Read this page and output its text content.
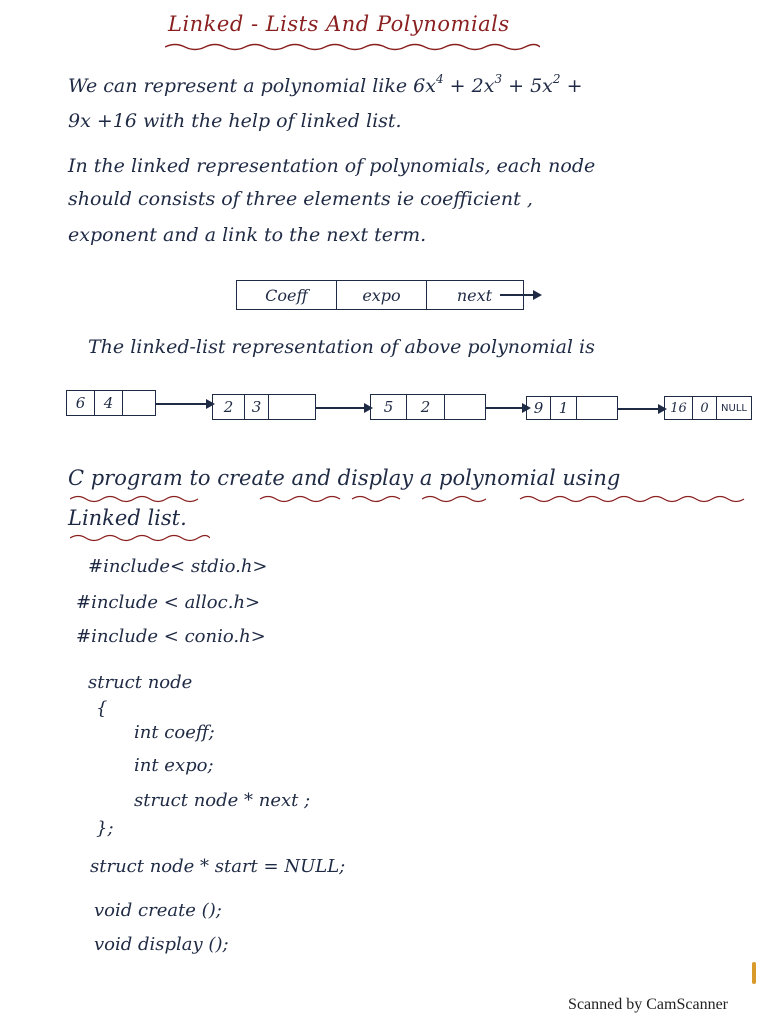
Linked - Lists And Polynomials
We can represent a polynomial like $6x^4 + 2x^3 + 5x^2$ +
9x +16 with the help of linked list.
In the linked representation of polynomials, each node
should consists of three elements ie coefficient ,
exponent and a link to the next term.
Coeff	expo	next
The linked-list representation of above polynomial is
6	4	2	3	5	2	9	1	16	0	NULL
C program to create and display a polynomial using
Linked list.
#include< stdio.h>
#include < alloc.h>
#include < conio.h>
struct node
{
int coeff;
int expo;
struct node * next ;
};
struct node * start = NULL;
void create ();
void display ();
Scanned by CamScanner
